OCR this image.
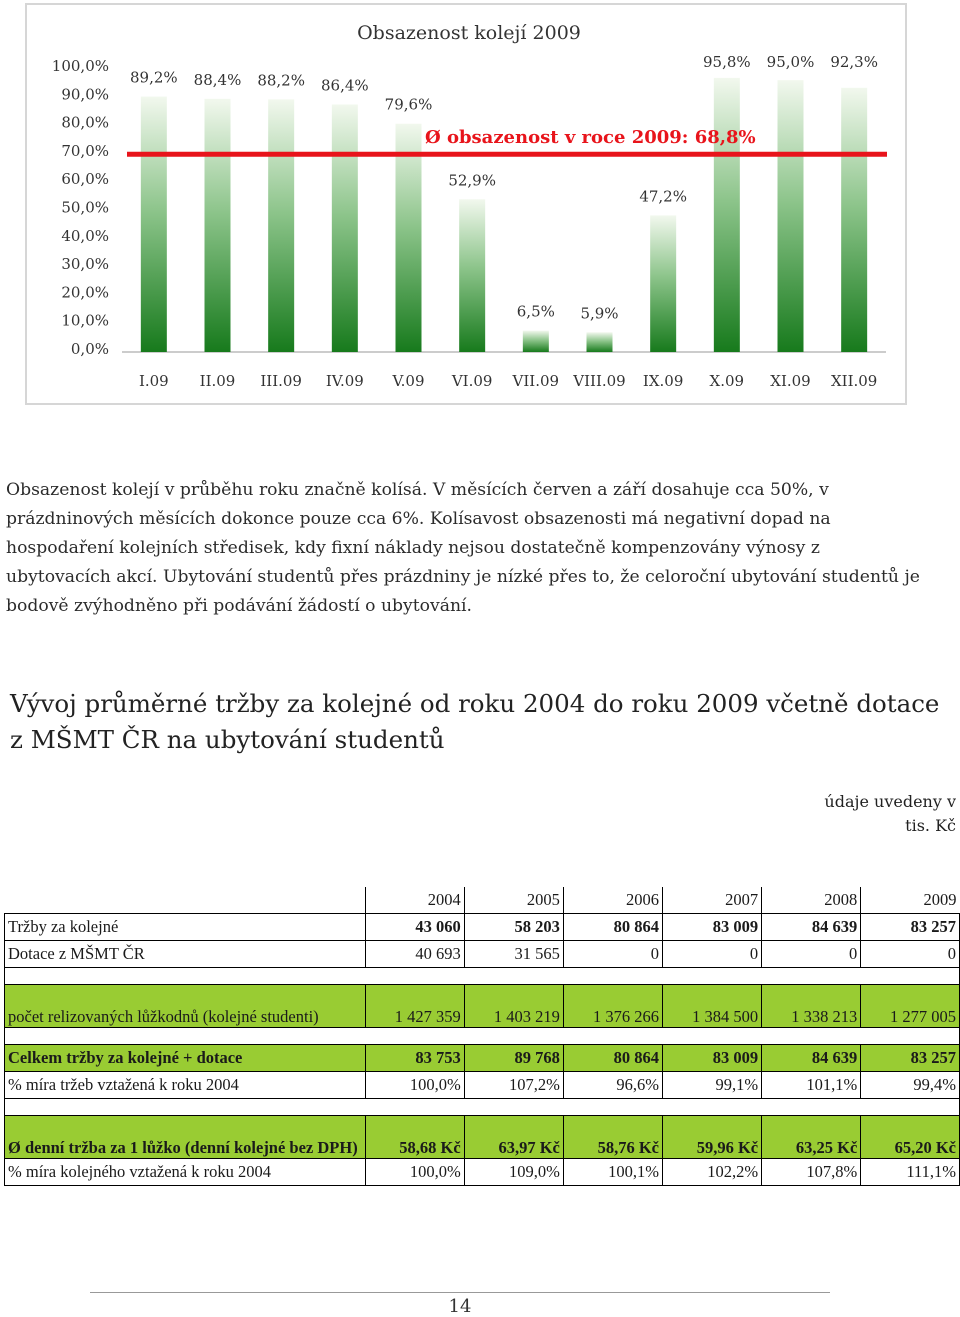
Obsazenost kolejí 2009
0,0%
10,0%
20,0%
30,0%
40,0%
50,0%
60,0%
70,0%
80,0%
90,0%
100,0%
89,2% 88,4% 88,2% 86,4%
79,6%
52,9%
6,5% 5,9%
47,2%
95,8% 95,0% 92,3%
I.09 II.09 III.09 IV.09 V.09 VI.09 VII.09 VIII.09 IX.09 X.09 XI.09 XII.09
Ø obsazenost v roce 2009: 68,8%

Obsazenost kolejí v průběhu roku značně kolísá. V měsících červen a září dosahuje cca 50%, v prázdninových měsících dokonce pouze cca 6%. Kolísavost obsazenosti má negativní dopad na hospodaření kolejních středisek, kdy fixní náklady nejsou dostatečně kompenzovány výnosy z ubytovacích akcí. Ubytování studentů přes prázdniny je nízké přes to, že celoroční ubytování studentů je bodově zvýhodněno při podávání žádostí o ubytování.

Vývoj průměrné tržby za kolejné od roku 2004 do roku 2009 včetně dotace z MŠMT ČR na ubytování studentů
údaje uvedeny v tis. Kč
	2004	2005	2006	2007	2008	2009
Tržby za kolejné	43 060	58 203	80 864	83 009	84 639	83 257
Dotace z MŠMT ČR	40 693	31 565	0	0	0	0

počet relizovaných lůžkodnů (kolejné studenti)	1 427 359	1 403 219	1 376 266	1 384 500	1 338 213	1 277 005

Celkem tržby za kolejné + dotace	83 753	89 768	80 864	83 009	84 639	83 257
% míra tržeb vztažená k roku 2004	100,0%	107,2%	96,6%	99,1%	101,1%	99,4%

Ø denní tržba za 1 lůžko (denní kolejné bez DPH)	58,68 Kč	63,97 Kč	58,76 Kč	59,96 Kč	63,25 Kč	65,20 Kč
% míra kolejného vztažená k roku 2004	100,0%	109,0%	100,1%	102,2%	107,8%	111,1%
14
